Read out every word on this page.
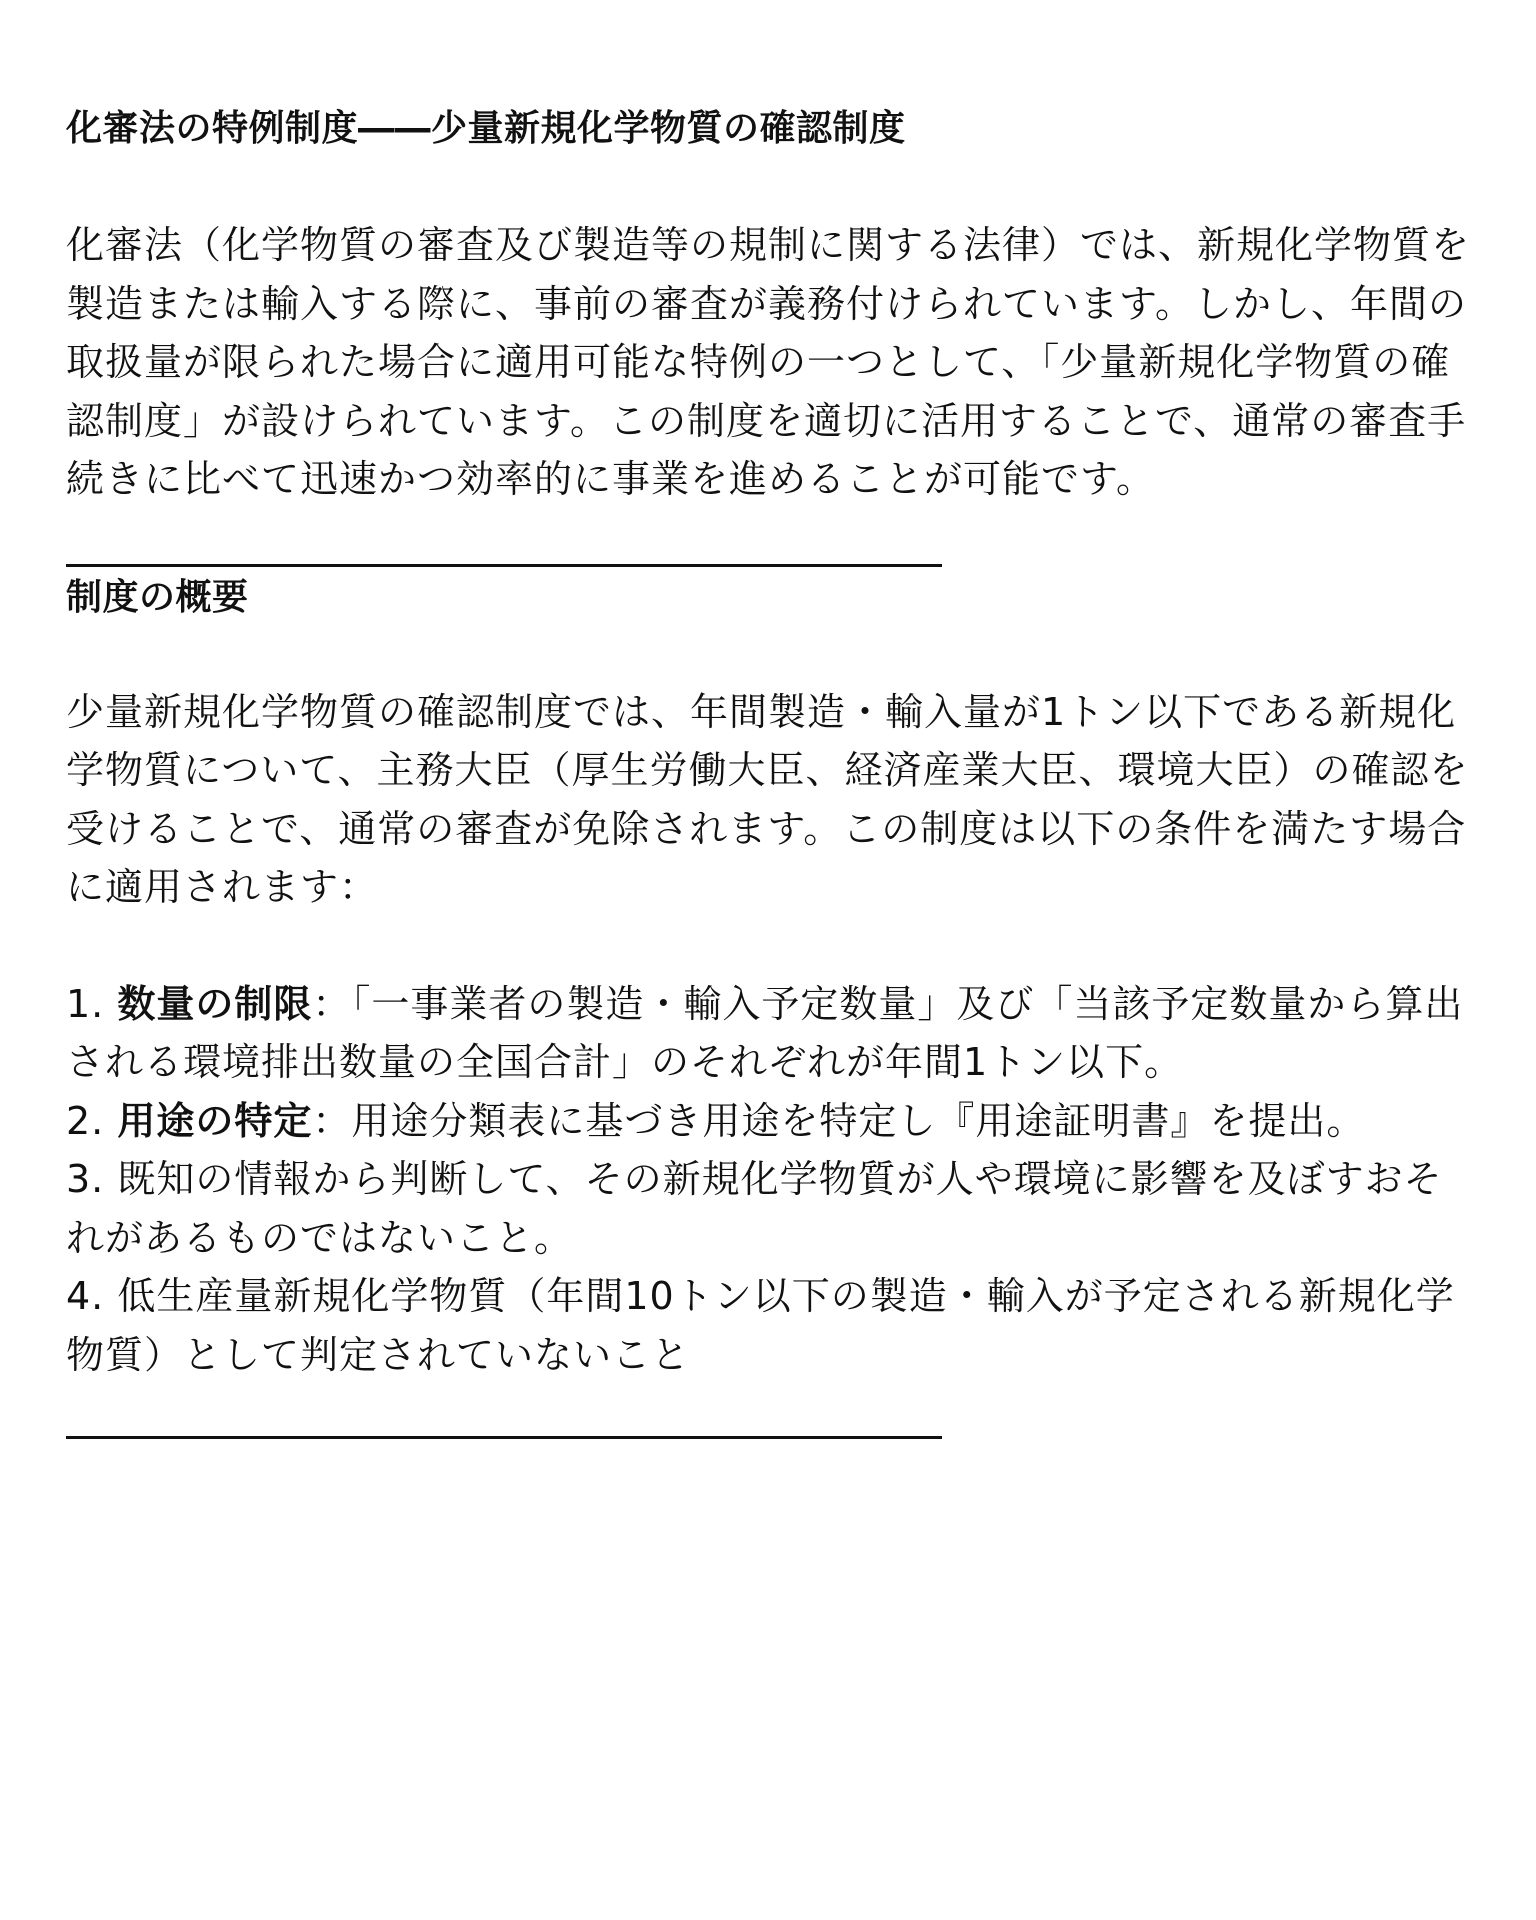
化審法の特例制度――少量新規化学物質の確認制度

化審法（化学物質の審査及び製造等の規制に関する法律）では、新規化学物質を製造または輸入する際に、事前の審査が義務付けられています。しかし、年間の取扱量が限られた場合に適用可能な特例の一つとして、「少量新規化学物質の確認制度」が設けられています。この制度を適切に活用することで、通常の審査手続きに比べて迅速かつ効率的に事業を進めることが可能です。

制度の概要

少量新規化学物質の確認制度では、年間製造・輸入量が1トン以下である新規化学物質について、主務大臣（厚生労働大臣、経済産業大臣、環境大臣）の確認を受けることで、通常の審査が免除されます。この制度は以下の条件を満たす場合に適用されます：

1. 数量の制限：「一事業者の製造・輸入予定数量」及び「当該予定数量から算出される環境排出数量の全国合計」のそれぞれが年間1トン以下。
2. 用途の特定：用途分類表に基づき用途を特定し『用途証明書』を提出。
3. 既知の情報から判断して、その新規化学物質が人や環境に影響を及ぼすおそれがあるものではないこと。
4. 低生産量新規化学物質（年間10トン以下の製造・輸入が予定される新規化学物質）として判定されていないこと
